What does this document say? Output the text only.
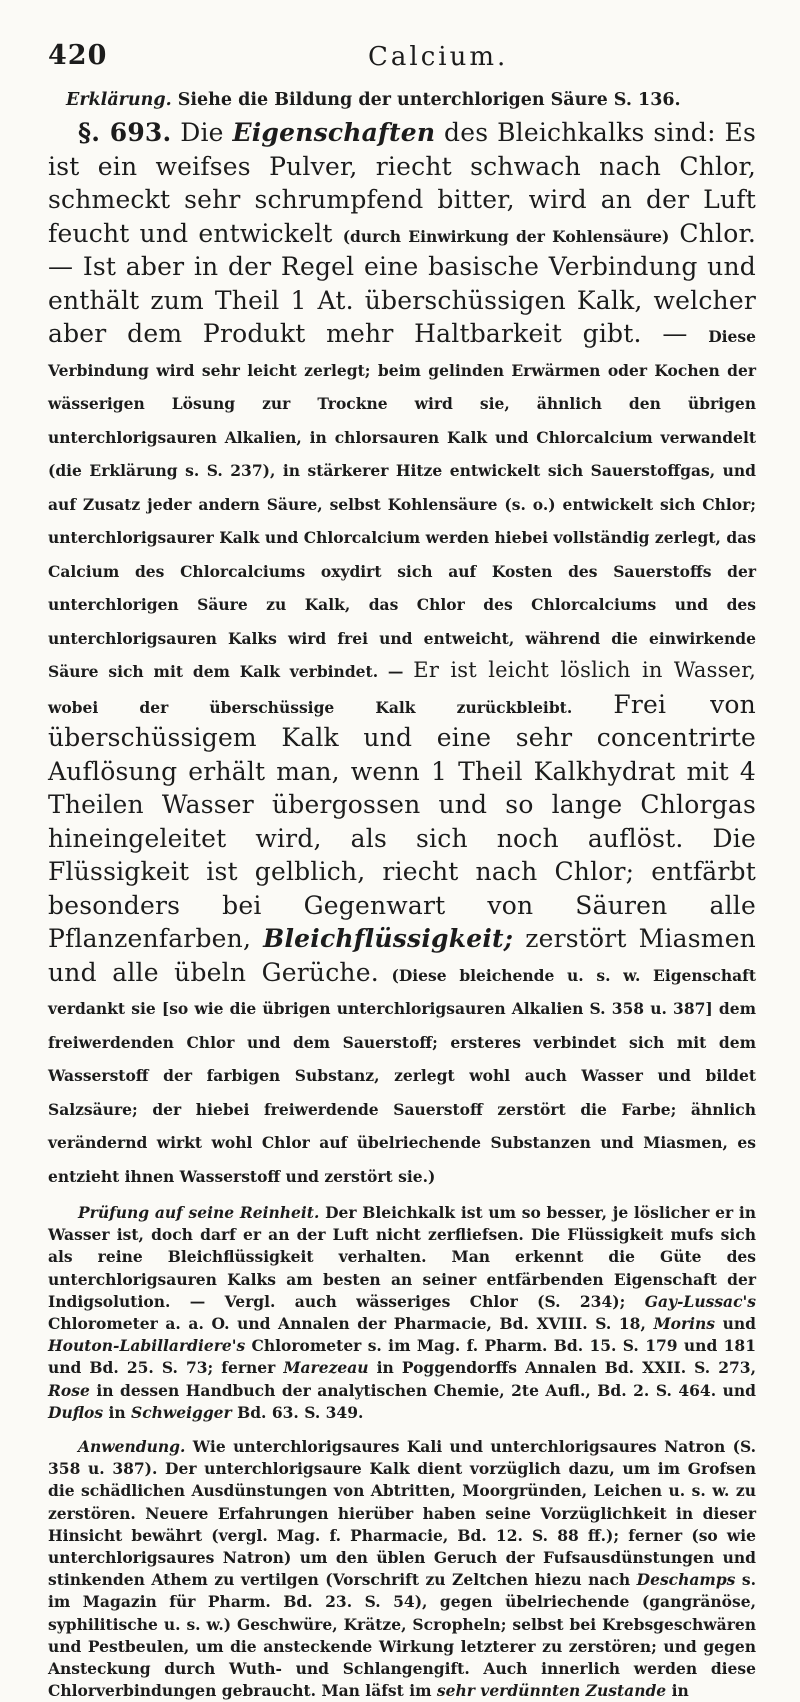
420	Calcium.

Erklärung. Siehe die Bildung der unterchlorigen Säure S. 136.

§. 693. Die Eigenschaften des Bleichkalks sind: Es ist ein weifses Pulver, riecht schwach nach Chlor, schmeckt sehr schrumpfend bitter, wird an der Luft feucht und entwickelt (durch Einwirkung der Kohlensäure) Chlor. — Ist aber in der Regel eine basische Verbindung und enthält zum Theil 1 At. überschüssigen Kalk, welcher aber dem Produkt mehr Haltbarkeit gibt. — Diese Verbindung wird sehr leicht zerlegt; beim gelinden Erwärmen oder Kochen der wässerigen Lösung zur Trockne wird sie, ähnlich den übrigen unterchlorigsauren Alkalien, in chlorsauren Kalk und Chlorcalcium verwandelt (die Erklärung s. S. 237), in stärkerer Hitze entwickelt sich Sauerstoffgas, und auf Zusatz jeder andern Säure, selbst Kohlensäure (s. o.) entwickelt sich Chlor; unterchlorigsaurer Kalk und Chlorcalcium werden hiebei vollständig zerlegt, das Calcium des Chlorcalciums oxydirt sich auf Kosten des Sauerstoffs der unterchlorigen Säure zu Kalk, das Chlor des Chlorcalciums und des unterchlorigsauren Kalks wird frei und entweicht, während die einwirkende Säure sich mit dem Kalk verbindet. — Er ist leicht löslich in Wasser, wobei der überschüssige Kalk zurückbleibt. Frei von überschüssigem Kalk und eine sehr concentrirte Auflösung erhält man, wenn 1 Theil Kalkhydrat mit 4 Theilen Wasser übergossen und so lange Chlorgas hineingeleitet wird, als sich noch auflöst. Die Flüssigkeit ist gelblich, riecht nach Chlor; entfärbt besonders bei Gegenwart von Säuren alle Pflanzenfarben, Bleichflüssigkeit; zerstört Miasmen und alle übeln Gerüche. (Diese bleichende u. s. w. Eigenschaft verdankt sie [so wie die übrigen unterchlorigsauren Alkalien S. 358 u. 387] dem freiwerdenden Chlor und dem Sauerstoff; ersteres verbindet sich mit dem Wasserstoff der farbigen Substanz, zerlegt wohl auch Wasser und bildet Salzsäure; der hiebei freiwerdende Sauerstoff zerstört die Farbe; ähnlich verändernd wirkt wohl Chlor auf übelriechende Substanzen und Miasmen, es entzieht ihnen Wasserstoff und zerstört sie.)

Prüfung auf seine Reinheit. Der Bleichkalk ist um so besser, je löslicher er in Wasser ist, doch darf er an der Luft nicht zerfliefsen. Die Flüssigkeit mufs sich als reine Bleichflüssigkeit verhalten. Man erkennt die Güte des unterchlorigsauren Kalks am besten an seiner entfärbenden Eigenschaft der Indigsolution. — Vergl. auch wässeriges Chlor (S. 234); Gay-Lussac's Chlorometer a. a. O. und Annalen der Pharmacie, Bd. XVIII. S. 18, Morins und Houton-Labillardiere's Chlorometer s. im Mag. f. Pharm. Bd. 15. S. 179 und 181 und Bd. 25. S. 73; ferner Marezeau in Poggendorffs Annalen Bd. XXII. S. 273, Rose in dessen Handbuch der analytischen Chemie, 2te Aufl., Bd. 2. S. 464. und Duflos in Schweigger Bd. 63. S. 349.

Anwendung. Wie unterchlorigsaures Kali und unterchlorigsaures Natron (S. 358 u. 387). Der unterchlorigsaure Kalk dient vorzüglich dazu, um im Grofsen die schädlichen Ausdünstungen von Abtritten, Moorgründen, Leichen u. s. w. zu zerstören. Neuere Erfahrungen hierüber haben seine Vorzüglichkeit in dieser Hinsicht bewährt (vergl. Mag. f. Pharmacie, Bd. 12. S. 88 ff.); ferner (so wie unterchlorigsaures Natron) um den üblen Geruch der Fufsausdünstungen und stinkenden Athem zu vertilgen (Vorschrift zu Zeltchen hiezu nach Deschamps s. im Magazin für Pharm. Bd. 23. S. 54), gegen übelriechende (gangränöse, syphilitische u. s. w.) Geschwüre, Krätze, Scropheln; selbst bei Krebsgeschwären und Pestbeulen, um die ansteckende Wirkung letzterer zu zerstören; und gegen Ansteckung durch Wuth- und Schlangengift. Auch innerlich werden diese Chlorverbindungen gebraucht. Man läfst im sehr verdünnten Zustande in
